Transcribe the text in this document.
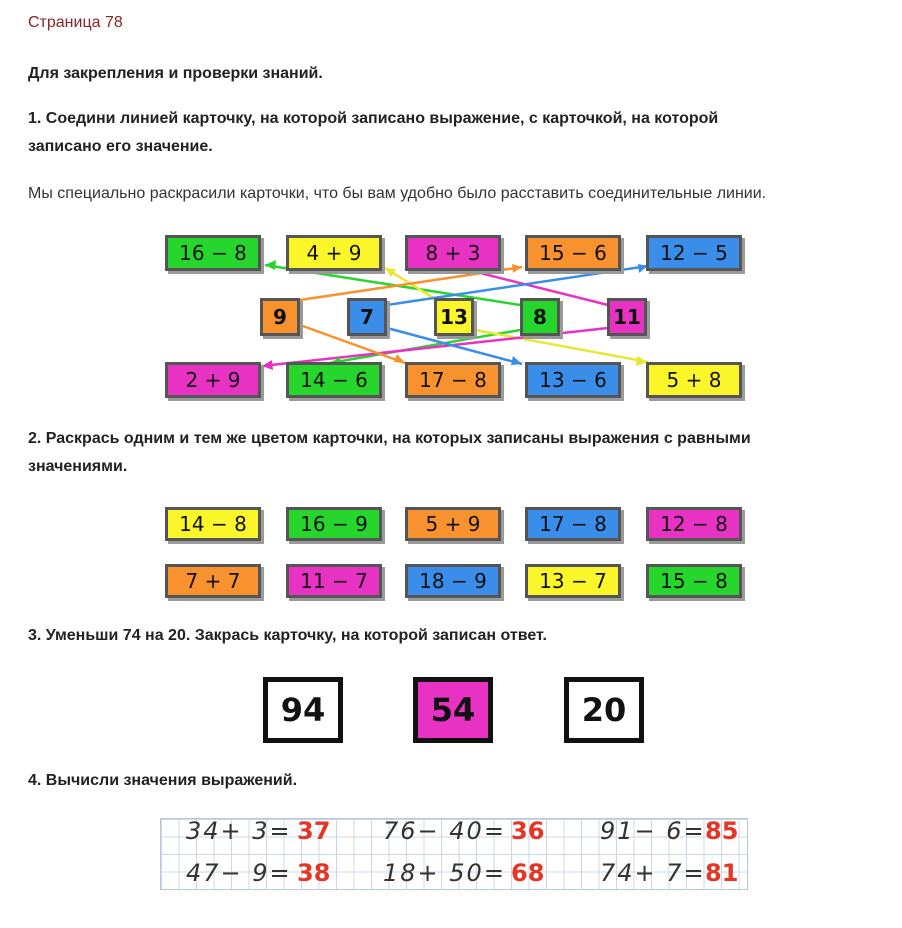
Страница 78
Для закрепления и проверки знаний.
1. Соедини линией карточку, на которой записано выражение, с карточкой, на которой
записано его значение.
Мы специально раскрасили карточки, что бы вам удобно было расставить соединительные линии.
16 − 8	4 + 9	8 + 3	15 − 6	12 − 5
9	7	13	8	11
2 + 9	14 − 6	17 − 8	13 − 6	5 + 8
2. Раскрась одним и тем же цветом карточки, на которых записаны выражения с равными
значениями.
14 − 8	16 − 9	5 + 9	17 − 8	12 − 8
7 + 7	11 − 7	18 − 9	13 − 7	15 − 8
3. Уменьши 74 на 20. Закрась карточку, на которой записан ответ.
94	54	20
4. Вычисли значения выражений.
34+ 3= 37 76− 40= 36 91− 6= 85
47− 9= 38 18+ 50= 68 74+ 7= 81
